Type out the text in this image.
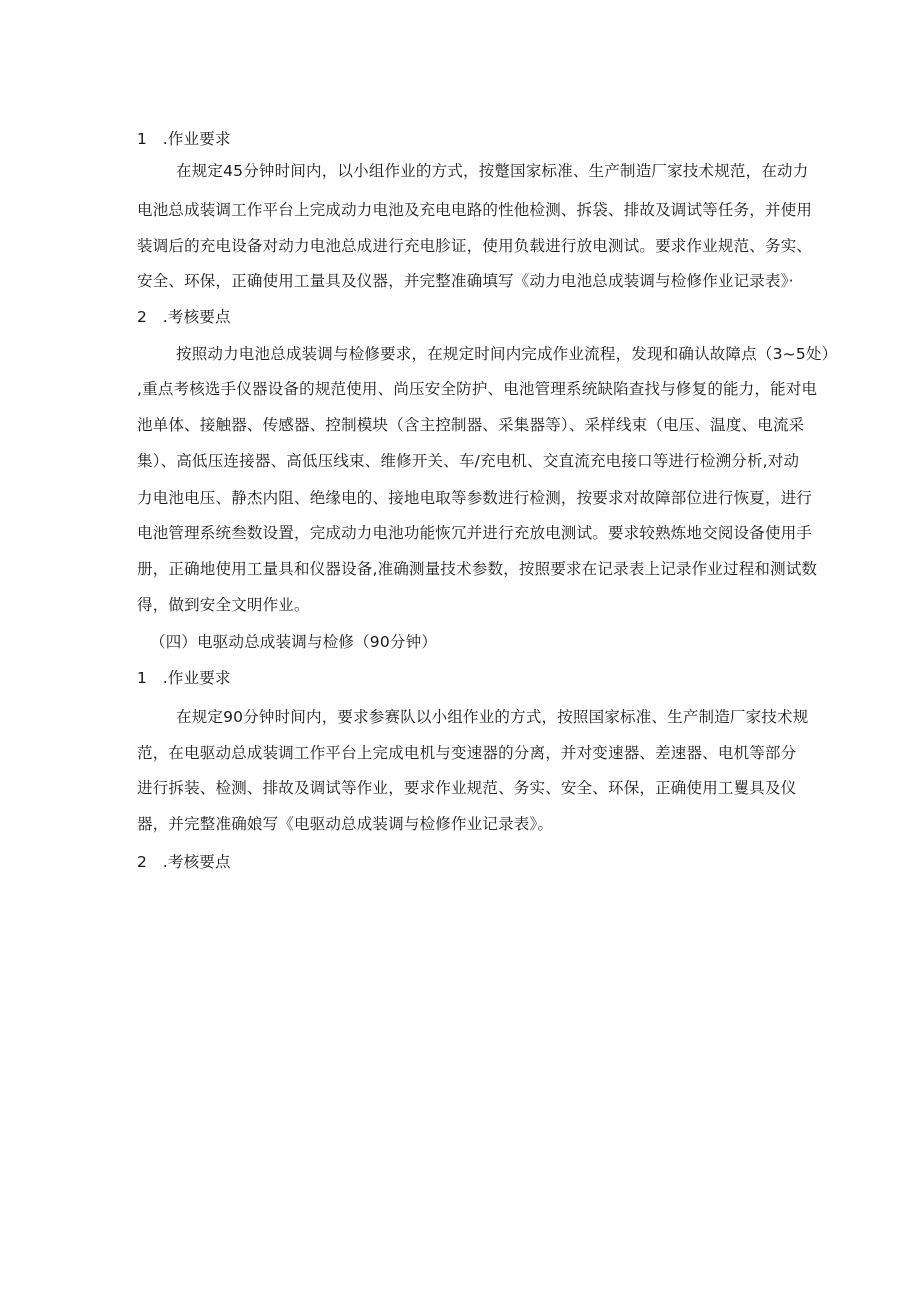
1　.作业要求
在规定45分钟时间内，以小组作业的方式，按蹩国家标准、生产制造厂家技术规范，在动力
电池总成装调工作平台上完成动力电池及充电电路的性他检测、拆袋、排故及调试等任务，并使用
装调后的充电设备对动力电池总成进行充电胗证，使用负载进行放电测试。要求作业规范、务实、
安全、环保，正确使用工量具及仪器，并完整准确填写《动力电池总成装调与检修作业记录表》·
2　.考核要点
按照动力电池总成装调与检修要求，在规定时间内完成作业流程，发现和确认故障点（3~5处）
,重点考核选手仪器设备的规范使用、尚压安全防护、电池管理系统缺陷查找与修复的能力，能对电
池单体、接触器、传感器、控制模块（含主控制器、采集器等）、采样线束（电压、温度、电流采
集）、高低压连接器、高低压线束、维修开关、车/充电机、交直流充电接口等进行检溯分析,对动
力电池电压、静杰内阻、绝缘电的、接地电取等参数进行检测，按要求对故障部位进行恢夏，进行
电池管理系统叁数设置，完成动力电池功能恢冗并进行充放电测试。要求较熟炼地交阅设备使用手
册，正确地使用工量具和仪器设备,准确测量技术参数，按照要求在记录表上记录作业过程和测试数
得，做到安全文明作业。
（四）电驱动总成装调与检修（90分钟）
1　.作业要求
在规定90分钟时间内，要求参赛队以小组作业的方式，按照国家标准、生产制造厂家技术规
范，在电驱动总成装调工作平台上完成电机与变速器的分离，并对变速器、差速器、电机等部分
进行拆装、检测、排故及调试等作业，要求作业规范、务实、安全、环保，正确使用工矍具及仪
器，并完整准确娘写《电驱动总成装调与检修作业记录表》。
2　.考核要点
